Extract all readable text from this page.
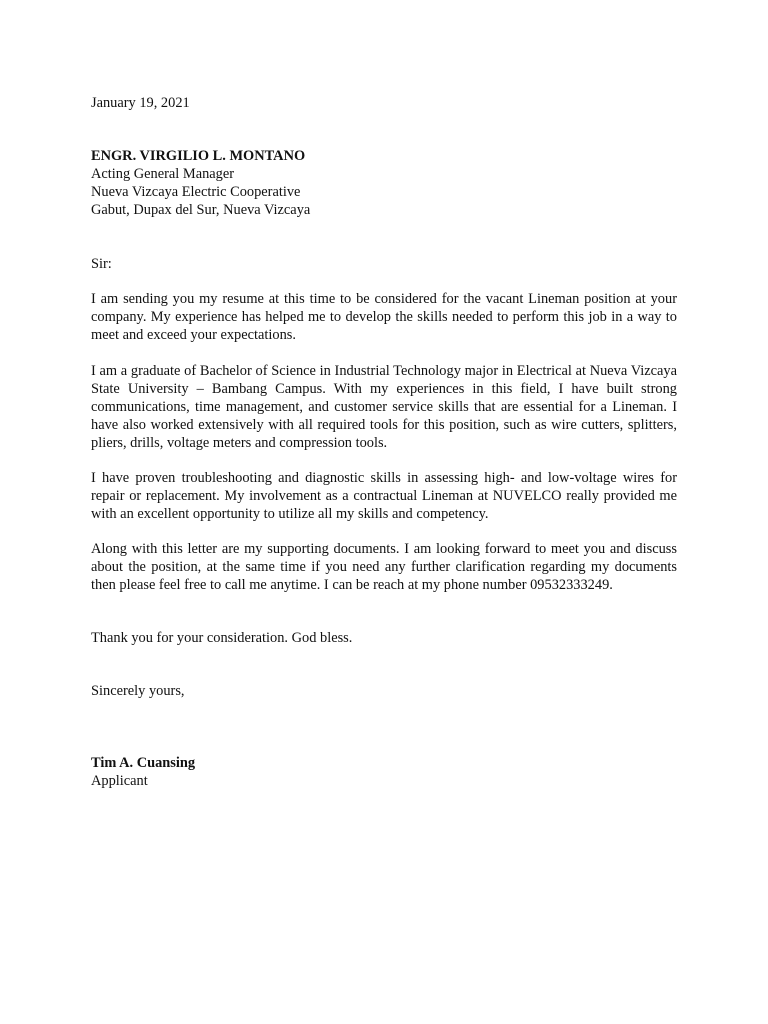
January 19, 2021
ENGR. VIRGILIO L. MONTANO
Acting General Manager
Nueva Vizcaya Electric Cooperative
Gabut, Dupax del Sur, Nueva Vizcaya
Sir:
I am sending you my resume at this time to be considered for the vacant Lineman position at your company. My experience has helped me to develop the skills needed to perform this job in a way to meet and exceed your expectations.
I am a graduate of Bachelor of Science in Industrial Technology major in Electrical at Nueva Vizcaya State University – Bambang Campus. With my experiences in this field, I have built strong communications, time management, and customer service skills that are essential for a Lineman. I have also worked extensively with all required tools for this position, such as wire cutters, splitters, pliers, drills, voltage meters and compression tools.
I have proven troubleshooting and diagnostic skills in assessing high- and low-voltage wires for repair or replacement. My involvement as a contractual Lineman at NUVELCO really provided me with an excellent opportunity to utilize all my skills and competency.
Along with this letter are my supporting documents. I am looking forward to meet you and discuss about the position, at the same time if you need any further clarification regarding my documents then please feel free to call me anytime. I can be reach at my phone number 09532333249.
Thank you for your consideration. God bless.
Sincerely yours,
Tim A. Cuansing
Applicant
